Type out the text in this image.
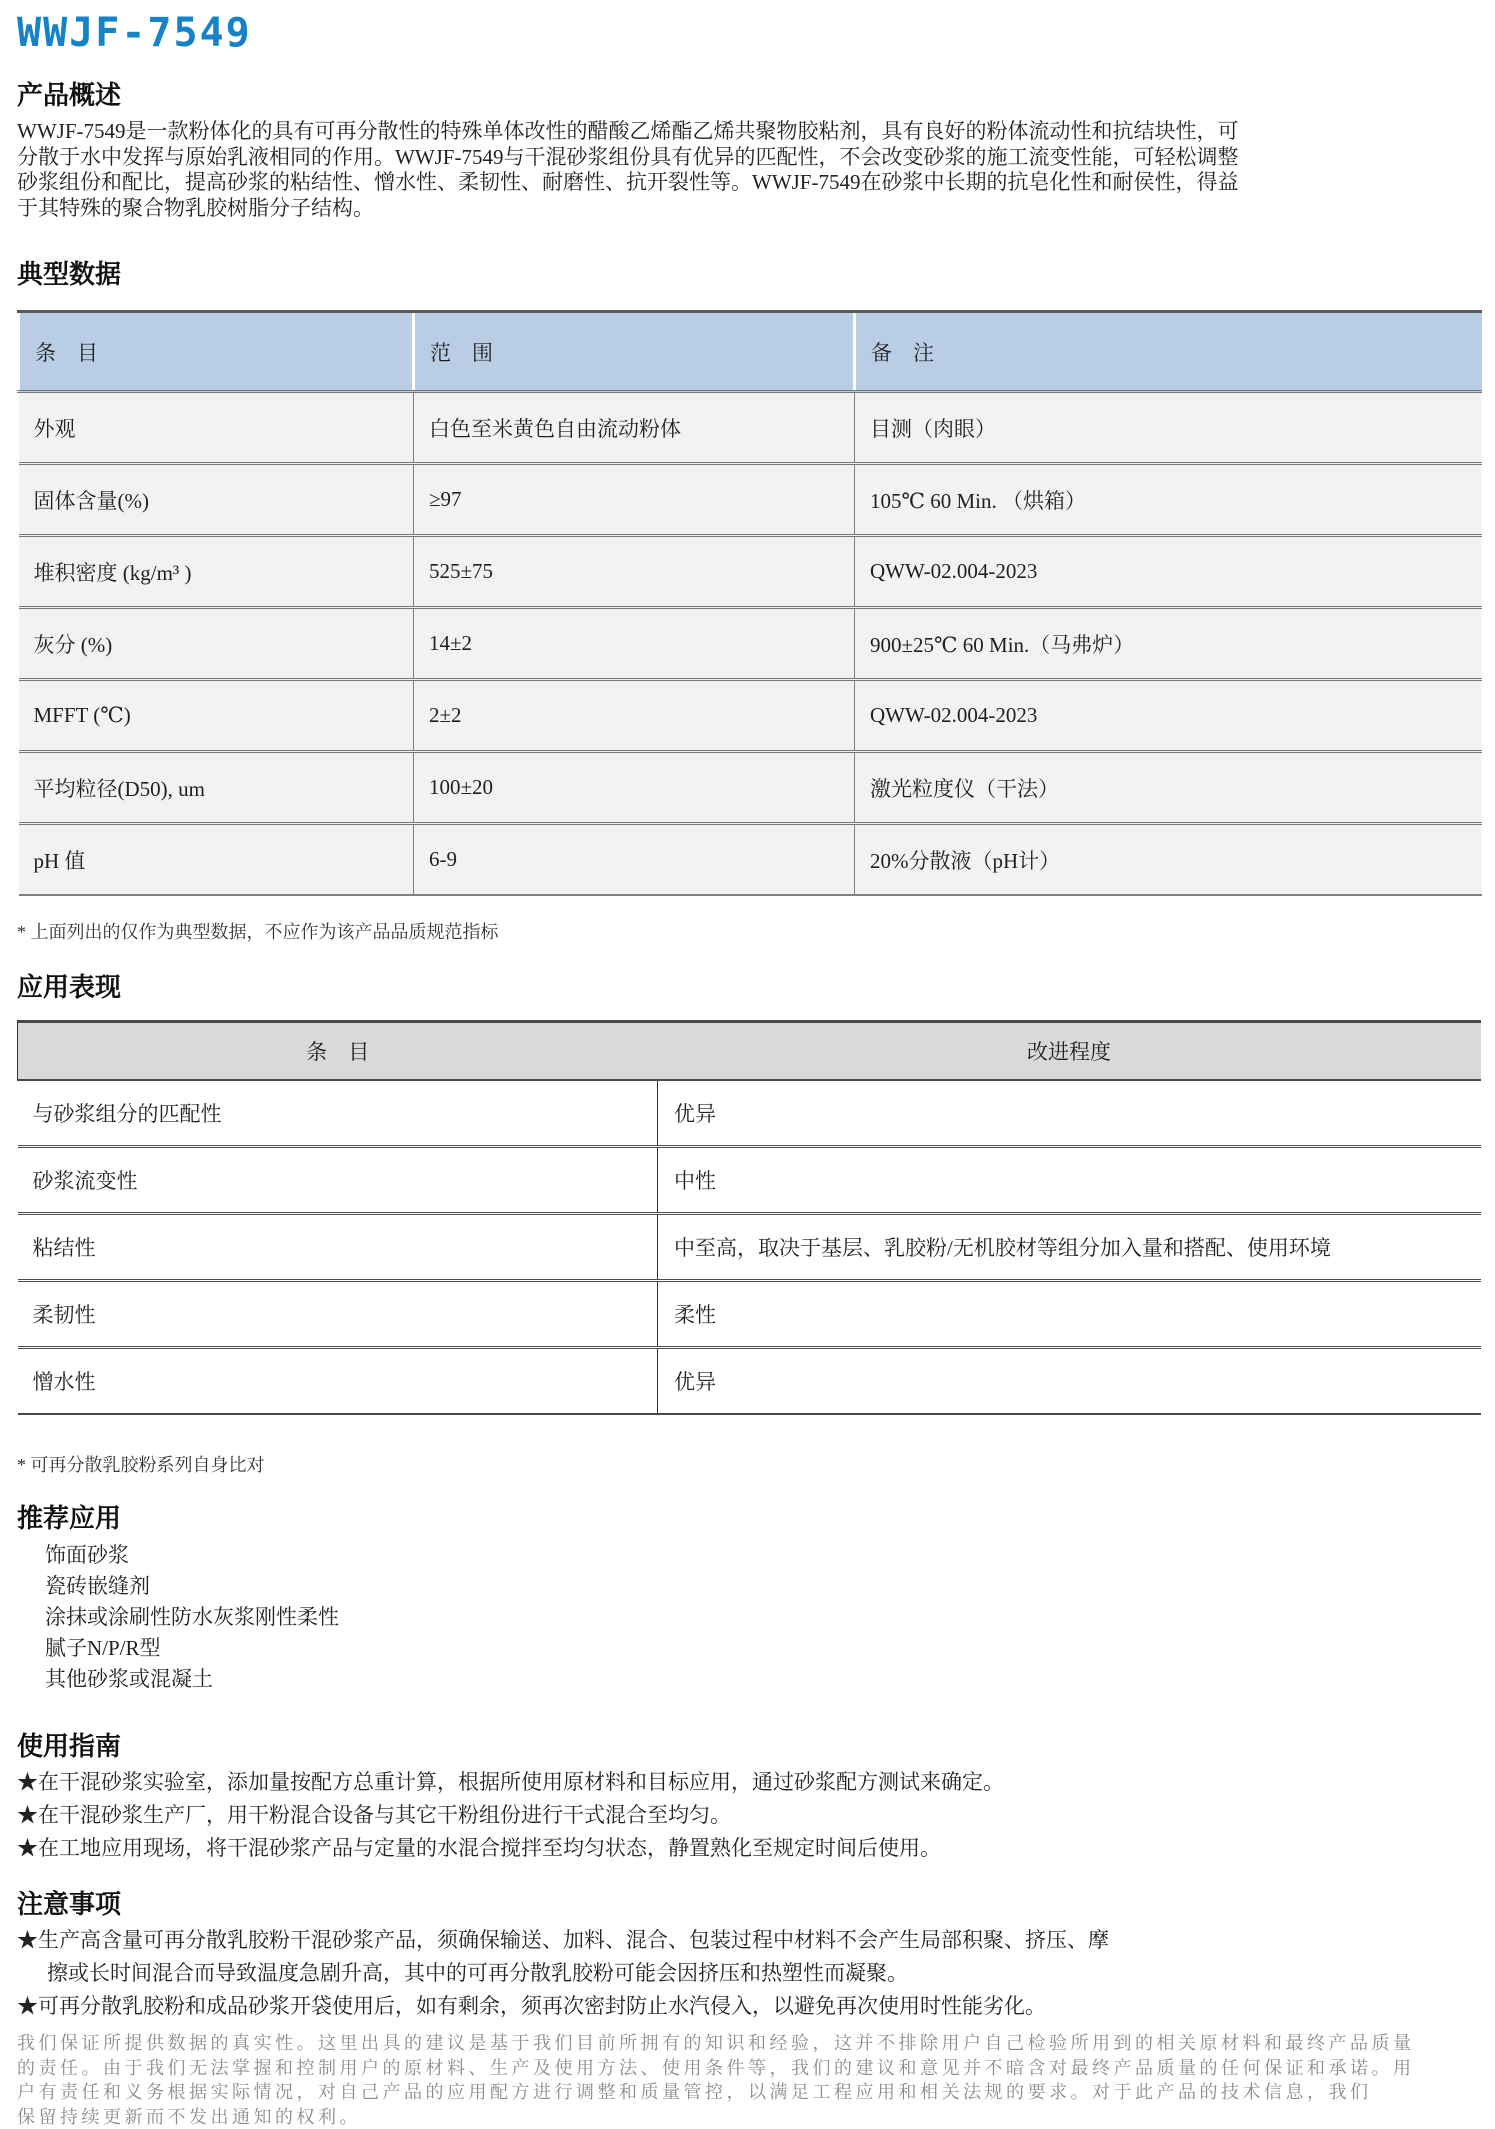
WWJF-7549
产品概述
WWJF-7549是一款粉体化的具有可再分散性的特殊单体改性的醋酸乙烯酯乙烯共聚物胶粘剂，具有良好的粉体流动性和抗结块性，可
分散于水中发挥与原始乳液相同的作用。WWJF-7549与干混砂浆组份具有优异的匹配性，不会改变砂浆的施工流变性能，可轻松调整
砂浆组份和配比，提高砂浆的粘结性、憎水性、柔韧性、耐磨性、抗开裂性等。WWJF-7549在砂浆中长期的抗皂化性和耐侯性，得益
于其特殊的聚合物乳胶树脂分子结构。
典型数据
条　目	范　围	备　注
外观	白色至米黄色自由流动粉体	目测（肉眼）
固体含量(%)	≥97	105℃ 60 Min. （烘箱）
堆积密度 (kg/m³ )	525±75	QWW-02.004-2023
灰分 (%)	14±2	900±25℃ 60 Min.（马弗炉）
MFFT (℃)	2±2	QWW-02.004-2023
平均粒径(D50), um	100±20	激光粒度仪（干法）
pH 值	6-9	20%分散液（pH计）
* 上面列出的仅作为典型数据，不应作为该产品品质规范指标
应用表现
条　目	改进程度
与砂浆组分的匹配性	优异
砂浆流变性	中性
粘结性	中至高，取决于基层、乳胶粉/无机胶材等组分加入量和搭配、使用环境
柔韧性	柔性
憎水性	优异
* 可再分散乳胶粉系列自身比对
推荐应用
饰面砂浆
瓷砖嵌缝剂
涂抹或涂刷性防水灰浆刚性柔性
腻子N/P/R型
其他砂浆或混凝土
使用指南
★在干混砂浆实验室，添加量按配方总重计算，根据所使用原材料和目标应用，通过砂浆配方测试来确定。
★在干混砂浆生产厂，用干粉混合设备与其它干粉组份进行干式混合至均匀。
★在工地应用现场，将干混砂浆产品与定量的水混合搅拌至均匀状态，静置熟化至规定时间后使用。
注意事项
★生产高含量可再分散乳胶粉干混砂浆产品，须确保输送、加料、混合、包装过程中材料不会产生局部积聚、挤压、摩
擦或长时间混合而导致温度急剧升高，其中的可再分散乳胶粉可能会因挤压和热塑性而凝聚。
★可再分散乳胶粉和成品砂浆开袋使用后，如有剩余，须再次密封防止水汽侵入，以避免再次使用时性能劣化。
我们保证所提供数据的真实性。这里出具的建议是基于我们目前所拥有的知识和经验，这并不排除用户自己检验所用到的相关原材料和最终产品质量
的责任。由于我们无法掌握和控制用户的原材料、生产及使用方法、使用条件等，我们的建议和意见并不暗含对最终产品质量的任何保证和承诺。用
户有责任和义务根据实际情况，对自己产品的应用配方进行调整和质量管控，以满足工程应用和相关法规的要求。对于此产品的技术信息，我们
保留持续更新而不发出通知的权利。
